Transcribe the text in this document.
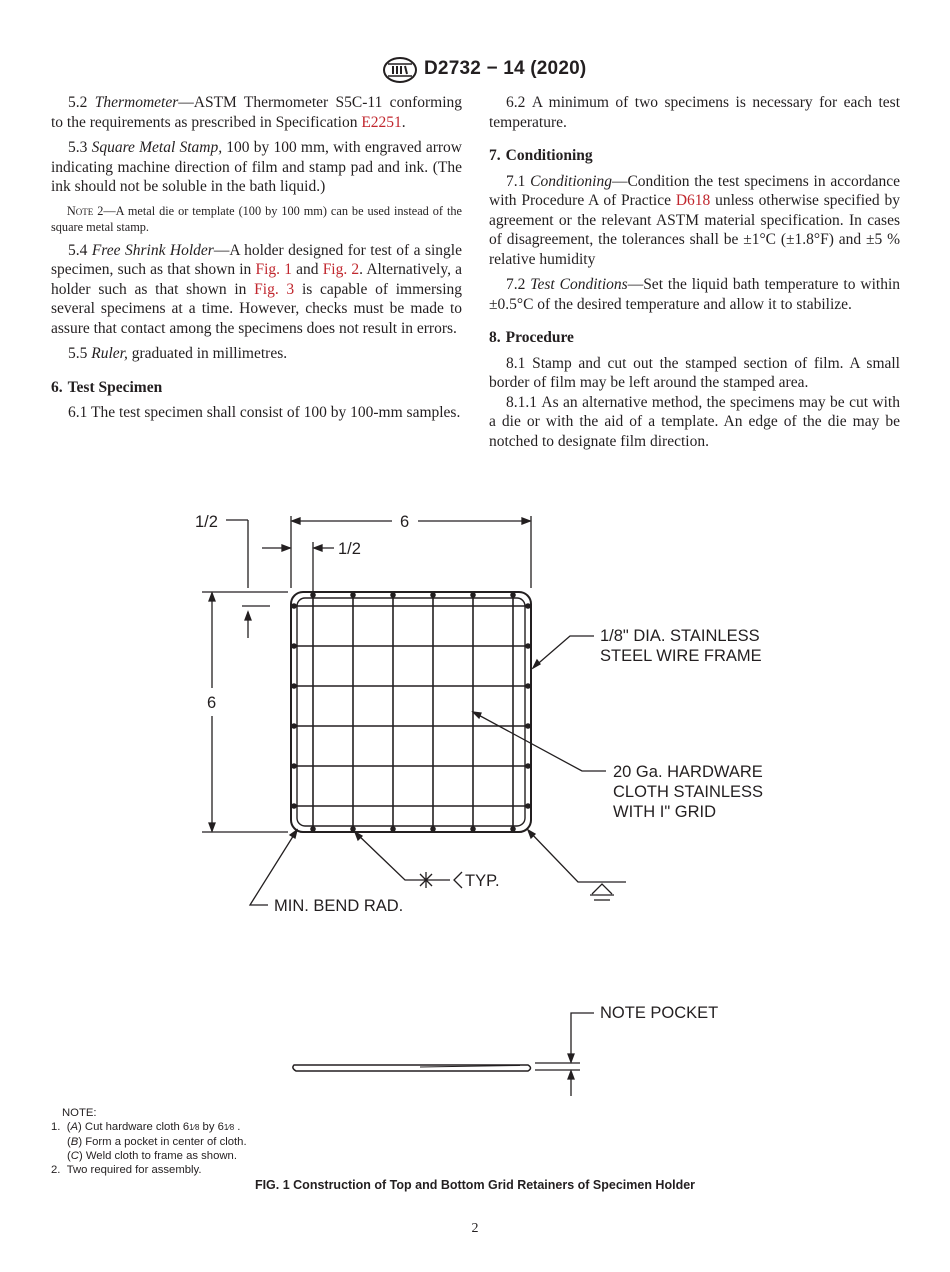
D2732 − 14 (2020)

5.2 Thermometer—ASTM Thermometer S5C-11 conforming to the requirements as prescribed in Specification E2251.

5.3 Square Metal Stamp, 100 by 100 mm, with engraved arrow indicating machine direction of film and stamp pad and ink. (The ink should not be soluble in the bath liquid.)

Note 2—A metal die or template (100 by 100 mm) can be used instead of the square metal stamp.

5.4 Free Shrink Holder—A holder designed for test of a single specimen, such as that shown in Fig. 1 and Fig. 2. Alternatively, a holder such as that shown in Fig. 3 is capable of immersing several specimens at a time. However, checks must be made to assure that contact among the specimens does not result in errors.

5.5 Ruler, graduated in millimetres.

6. Test Specimen

6.1 The test specimen shall consist of 100 by 100-mm samples.

6.2 A minimum of two specimens is necessary for each test temperature.

7. Conditioning

7.1 Conditioning—Condition the test specimens in accordance with Procedure A of Practice D618 unless otherwise specified by agreement or the relevant ASTM material specification. In cases of disagreement, the tolerances shall be ±1°C (±1.8°F) and ±5 % relative humidity

7.2 Test Conditions—Set the liquid bath temperature to within ±0.5°C of the desired temperature and allow it to stabilize.

8. Procedure

8.1 Stamp and cut out the stamped section of film. A small border of film may be left around the stamped area.

8.1.1 As an alternative method, the specimens may be cut with a die or with the aid of a template. An edge of the die may be notched to designate film direction.

1/2	6
1/2
6
1/8" DIA. STAINLESS
STEEL WIRE FRAME
20 Ga. HARDWARE
CLOTH STAINLESS
WITH I" GRID
TYP.
MIN. BEND RAD.
NOTE POCKET
NOTE:
1.  (A) Cut hardware cloth 61⁄8 by 61⁄8 .
(B) Form a pocket in center of cloth.
(C) Weld cloth to frame as shown.
2. Two required for assembly.
FIG. 1 Construction of Top and Bottom Grid Retainers of Specimen Holder
2
